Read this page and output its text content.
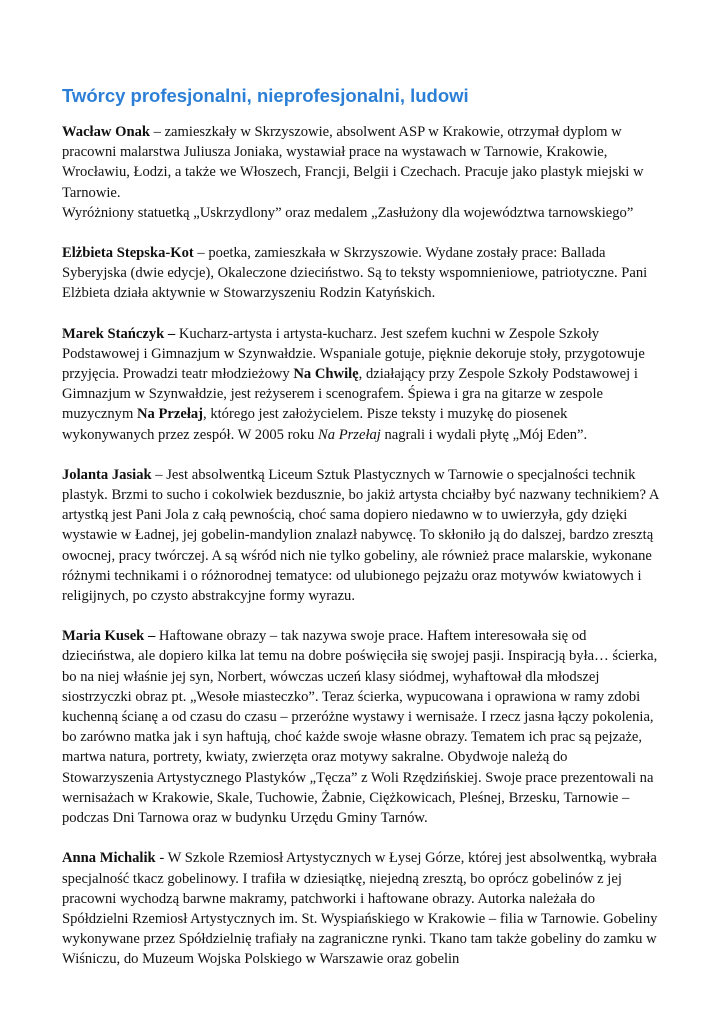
Twórcy profesjonalni, nieprofesjonalni, ludowi

Wacław Onak – zamieszkały w Skrzyszowie, absolwent ASP w Krakowie, otrzymał dyplom w pracowni malarstwa Juliusza Joniaka, wystawiał prace na wystawach w Tarnowie, Krakowie, Wrocławiu, Łodzi, a także we Włoszech, Francji, Belgii i Czechach. Pracuje jako plastyk miejski w Tarnowie.
Wyróżniony statuetką „Uskrzydlony” oraz medalem „Zasłużony dla województwa tarnowskiego”

Elżbieta Stepska-Kot – poetka, zamieszkała w Skrzyszowie. Wydane zostały prace: Ballada Syberyjska (dwie edycje), Okaleczone dzieciństwo. Są to teksty wspomnieniowe, patriotyczne. Pani Elżbieta działa aktywnie w Stowarzyszeniu Rodzin Katyńskich.

Marek Stańczyk – Kucharz-artysta i artysta-kucharz. Jest szefem kuchni w Zespole Szkoły Podstawowej i Gimnazjum w Szynwałdzie. Wspaniale gotuje, pięknie dekoruje stoły, przygotowuje przyjęcia. Prowadzi teatr młodzieżowy Na Chwilę, działający przy Zespole Szkoły Podstawowej i Gimnazjum w Szynwałdzie, jest reżyserem i scenografem. Śpiewa i gra na gitarze w zespole muzycznym Na Przełaj, którego jest założycielem. Pisze teksty i muzykę do piosenek wykonywanych przez zespół. W 2005 roku Na Przełaj nagrali i wydali płytę „Mój Eden”.

Jolanta Jasiak – Jest absolwentką Liceum Sztuk Plastycznych w Tarnowie o specjalności technik plastyk. Brzmi to sucho i cokolwiek bezdusznie, bo jakiż artysta chciałby być nazwany technikiem? A artystką jest Pani Jola z całą pewnością, choć sama dopiero niedawno w to uwierzyła, gdy dzięki wystawie w Ładnej, jej gobelin-mandylion znalazł nabywcę. To skłoniło ją do dalszej, bardzo zresztą owocnej, pracy twórczej. A są wśród nich nie tylko gobeliny, ale również prace malarskie, wykonane różnymi technikami i o różnorodnej tematyce: od ulubionego pejzażu oraz motywów kwiatowych i religijnych, po czysto abstrakcyjne formy wyrazu.

Maria Kusek – Haftowane obrazy – tak nazywa swoje prace. Haftem interesowała się od dzieciństwa, ale dopiero kilka lat temu na dobre poświęciła się swojej pasji. Inspiracją była… ścierka, bo na niej właśnie jej syn, Norbert, wówczas uczeń klasy siódmej, wyhaftował dla młodszej siostrzyczki obraz pt. „Wesołe miasteczko”. Teraz ścierka, wypucowana i oprawiona w ramy zdobi kuchenną ścianę a od czasu do czasu – przeróżne wystawy i wernisaże. I rzecz jasna łączy pokolenia, bo zarówno matka jak i syn haftują, choć każde swoje własne obrazy. Tematem ich prac są pejzaże, martwa natura, portrety, kwiaty, zwierzęta oraz motywy sakralne. Obydwoje należą do Stowarzyszenia Artystycznego Plastyków „Tęcza” z Woli Rzędzińskiej. Swoje prace prezentowali na wernisażach w Krakowie, Skale, Tuchowie, Żabnie, Ciężkowicach, Pleśnej, Brzesku, Tarnowie – podczas Dni Tarnowa oraz w budynku Urzędu Gminy Tarnów.

Anna Michalik - W Szkole Rzemiosł Artystycznych w Łysej Górze, której jest absolwentką, wybrała specjalność tkacz gobelinowy. I trafiła w dziesiątkę, niejedną zresztą, bo oprócz gobelinów z jej pracowni wychodzą barwne makramy, patchworki i haftowane obrazy. Autorka należała do Spółdzielni Rzemiosł Artystycznych im. St. Wyspiańskiego w Krakowie – filia w Tarnowie. Gobeliny wykonywane przez Spółdzielnię trafiały na zagraniczne rynki. Tkano tam także gobeliny do zamku w Wiśniczu, do Muzeum Wojska Polskiego w Warszawie oraz gobelin
